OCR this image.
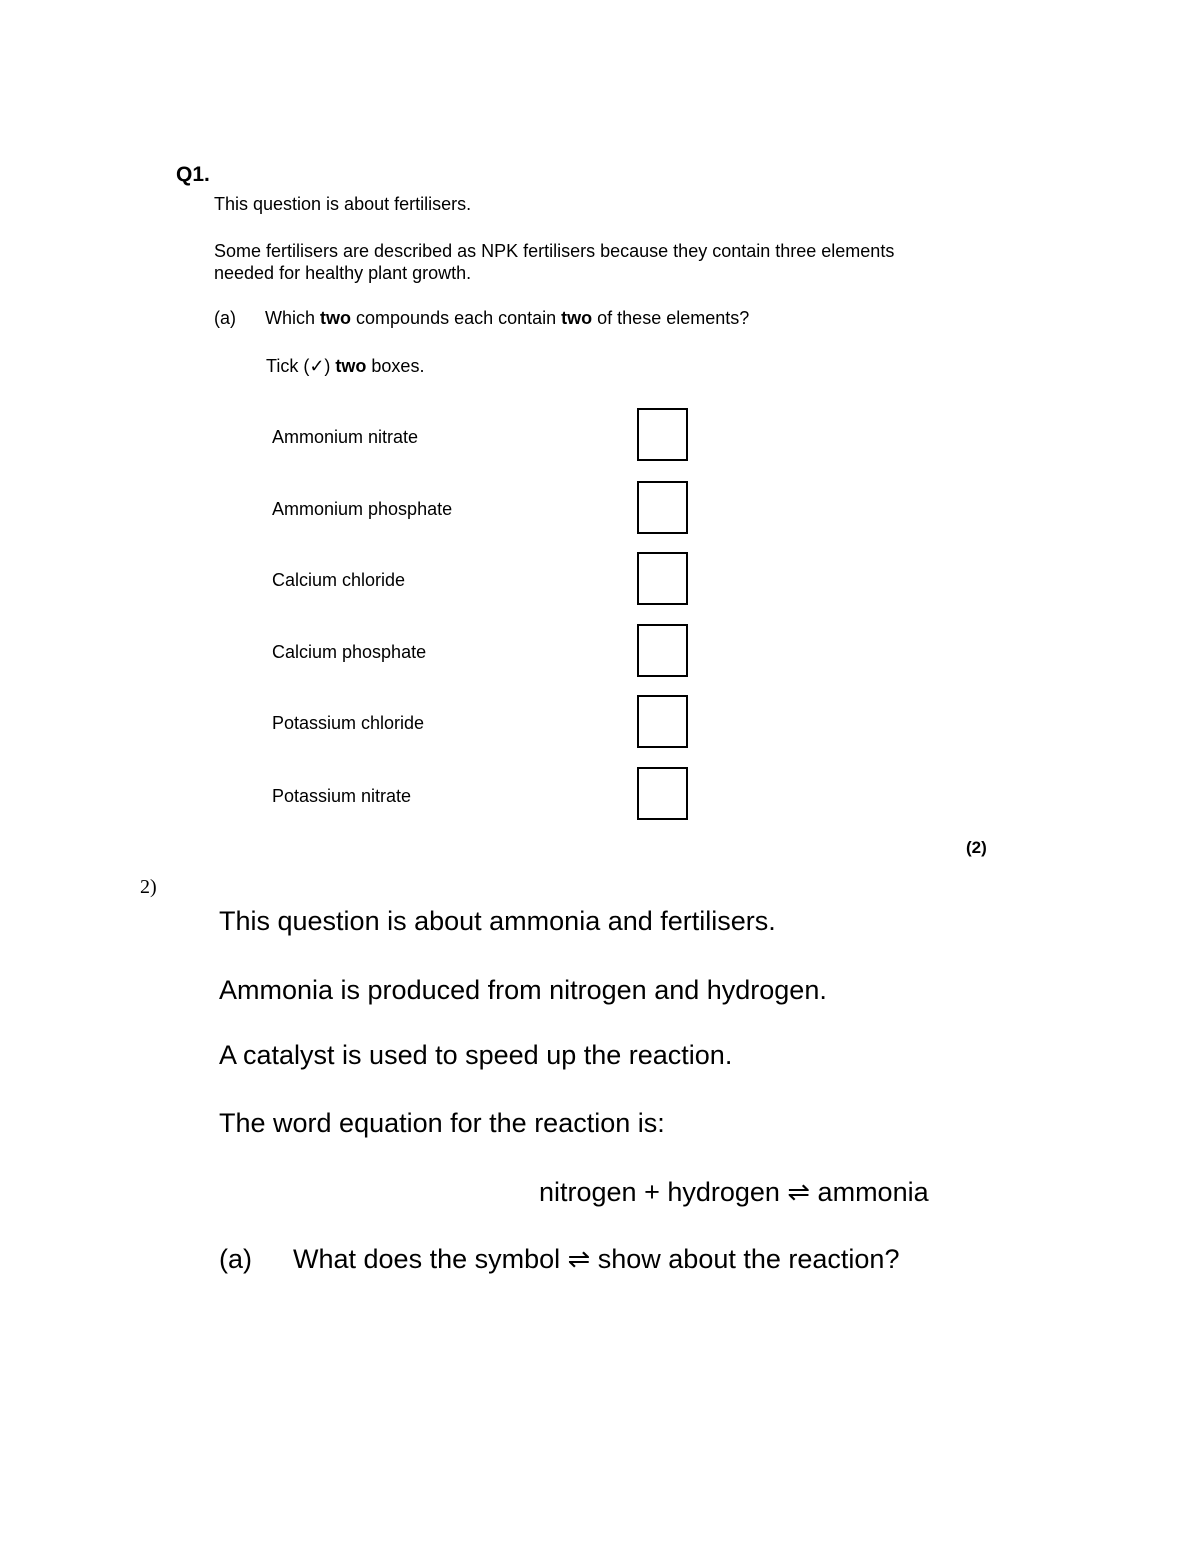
Q1.
This question is about fertilisers.
Some fertilisers are described as NPK fertilisers because they contain three elements needed for healthy plant growth.
(a) Which two compounds each contain two of these elements?
Tick (✓) two boxes.
Ammonium nitrate
Ammonium phosphate
Calcium chloride
Calcium phosphate
Potassium chloride
Potassium nitrate
(2)
2)
This question is about ammonia and fertilisers.
Ammonia is produced from nitrogen and hydrogen.
A catalyst is used to speed up the reaction.
The word equation for the reaction is:
nitrogen + hydrogen ⇌ ammonia
(a) What does the symbol ⇌ show about the reaction?
